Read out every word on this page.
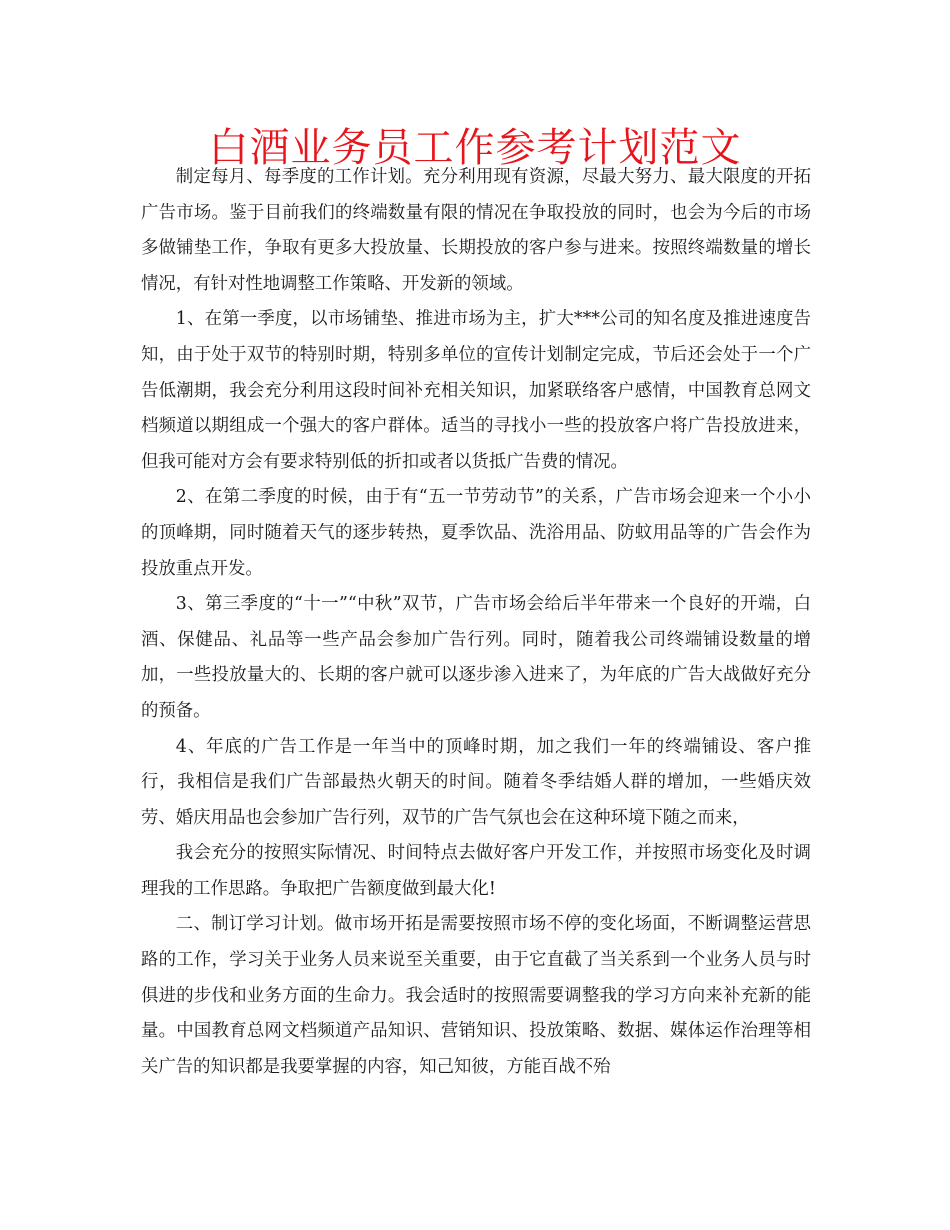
白酒业务员工作参考计划范文

制定每月、每季度的工作计划。充分利用现有资源，尽最大努力、最大限度的开拓广告市场。鉴于目前我们的终端数量有限的情况在争取投放的同时，也会为今后的市场多做铺垫工作，争取有更多大投放量、长期投放的客户参与进来。按照终端数量的增长情况，有针对性地调整工作策略、开发新的领域。

1、在第一季度，以市场铺垫、推进市场为主，扩大***公司的知名度及推进速度告知，由于处于双节的特别时期，特别多单位的宣传计划制定完成，节后还会处于一个广告低潮期，我会充分利用这段时间补充相关知识，加紧联络客户感情，中国教育总网文档频道以期组成一个强大的客户群体。适当的寻找小一些的投放客户将广告投放进来，但我可能对方会有要求特别低的折扣或者以货抵广告费的情况。

2、在第二季度的时候，由于有“五一节劳动节”的关系，广告市场会迎来一个小小的顶峰期，同时随着天气的逐步转热，夏季饮品、洗浴用品、防蚊用品等的广告会作为投放重点开发。

3、第三季度的“十一”“中秋”双节，广告市场会给后半年带来一个良好的开端，白酒、保健品、礼品等一些产品会参加广告行列。同时，随着我公司终端铺设数量的增加，一些投放量大的、长期的客户就可以逐步渗入进来了，为年底的广告大战做好充分的预备。

4、年底的广告工作是一年当中的顶峰时期，加之我们一年的终端铺设、客户推行，我相信是我们广告部最热火朝天的时间。随着冬季结婚人群的增加，一些婚庆效劳、婚庆用品也会参加广告行列，双节的广告气氛也会在这种环境下随之而来，

我会充分的按照实际情况、时间特点去做好客户开发工作，并按照市场变化及时调理我的工作思路。争取把广告额度做到最大化!

二、制订学习计划。做市场开拓是需要按照市场不停的变化场面，不断调整运营思路的工作，学习关于业务人员来说至关重要，由于它直截了当关系到一个业务人员与时俱进的步伐和业务方面的生命力。我会适时的按照需要调整我的学习方向来补充新的能量。中国教育总网文档频道产品知识、营销知识、投放策略、数据、媒体运作治理等相关广告的知识都是我要掌握的内容，知己知彼，方能百战不殆
